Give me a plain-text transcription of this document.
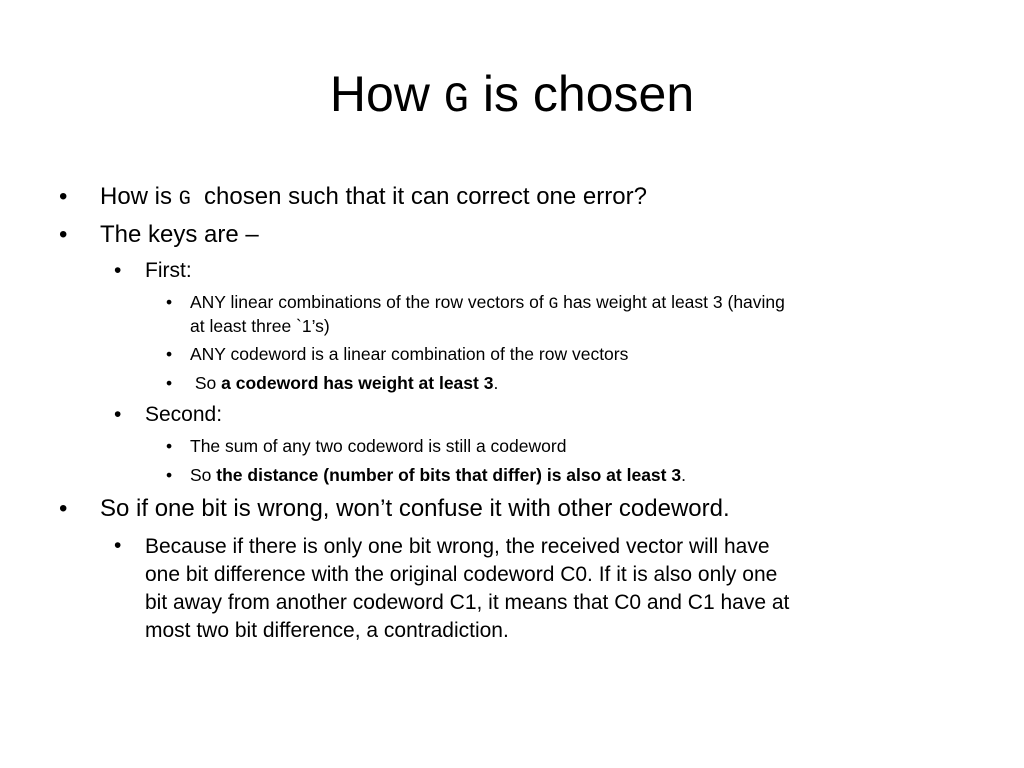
How G is chosen
• How is G  chosen such that it can correct one error?
• The keys are –
• First:
• ANY linear combinations of the row vectors of G has weight at least 3 (having
at least three `1’s)
• ANY codeword is a linear combination of the row vectors
• So a codeword has weight at least 3.
• Second:
• The sum of any two codeword is still a codeword
• So the distance (number of bits that differ) is also at least 3.
• So if one bit is wrong, won’t confuse it with other codeword.
• Because if there is only one bit wrong, the received vector will have
one bit difference with the original codeword C0. If it is also only one
bit away from another codeword C1, it means that C0 and C1 have at
most two bit difference, a contradiction.
